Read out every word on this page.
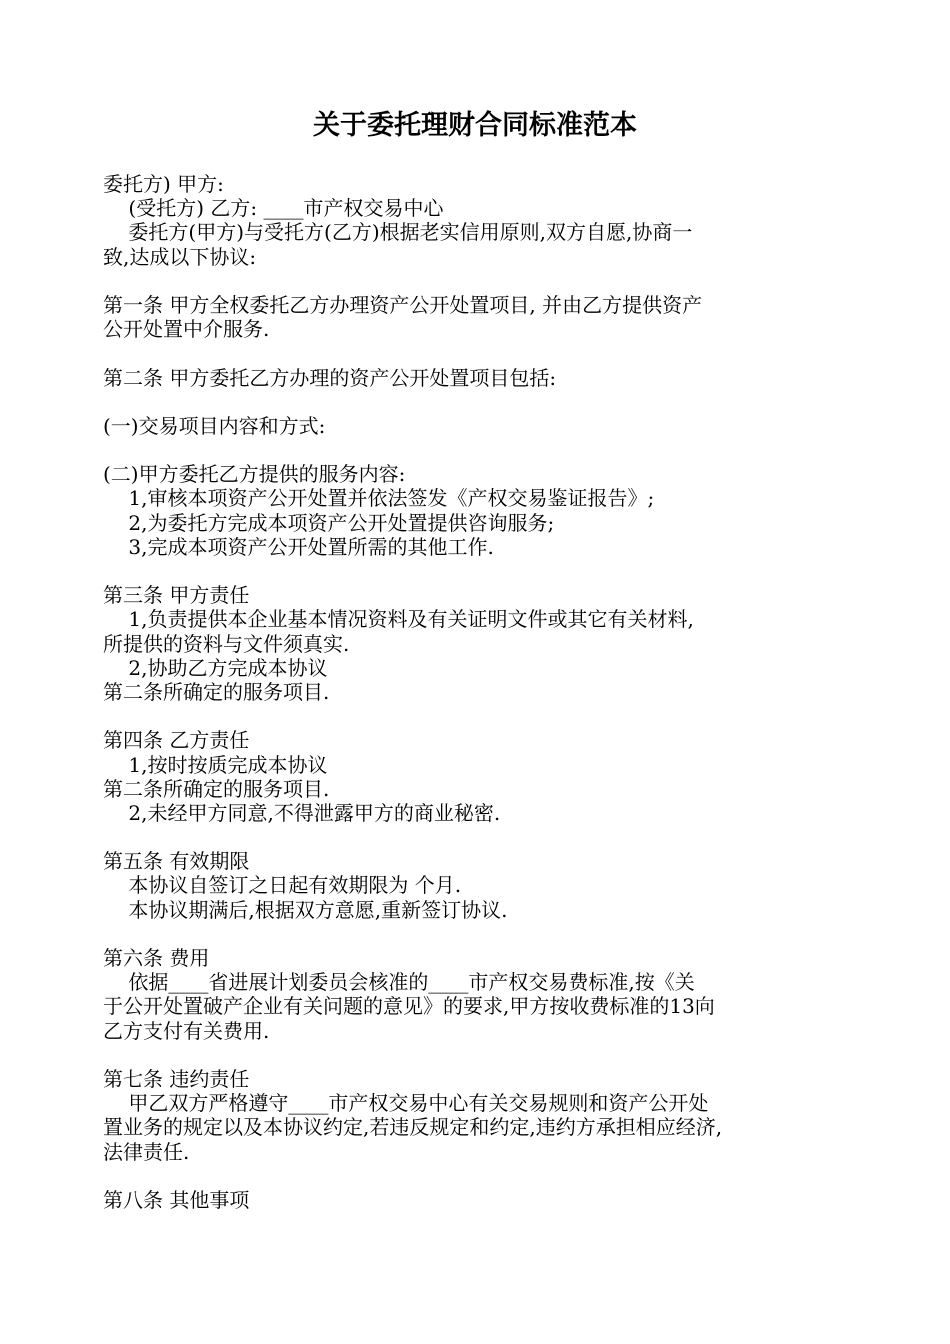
关于委托理财合同标准范本
委托方) 甲方:
(受托方) 乙方: ____市产权交易中心
委托方(甲方)与受托方(乙方)根据老实信用原则,双方自愿,协商一
致,达成以下协议:
第一条 甲方全权委托乙方办理资产公开处置项目, 并由乙方提供资产
公开处置中介服务.
第二条 甲方委托乙方办理的资产公开处置项目包括:
(一)交易项目内容和方式:
(二)甲方委托乙方提供的服务内容:
1,审核本项资产公开处置并依法签发《产权交易鉴证报告》;
2,为委托方完成本项资产公开处置提供咨询服务;
3,完成本项资产公开处置所需的其他工作.
第三条 甲方责任
1,负责提供本企业基本情况资料及有关证明文件或其它有关材料,
所提供的资料与文件须真实.
2,协助乙方完成本协议
第二条所确定的服务项目.
第四条 乙方责任
1,按时按质完成本协议
第二条所确定的服务项目.
2,未经甲方同意,不得泄露甲方的商业秘密.
第五条 有效期限
本协议自签订之日起有效期限为 个月.
本协议期满后,根据双方意愿,重新签订协议.
第六条 费用
依据____省进展计划委员会核准的____市产权交易费标准,按《关
于公开处置破产企业有关问题的意见》的要求,甲方按收费标准的13向
乙方支付有关费用.
第七条 违约责任
甲乙双方严格遵守____市产权交易中心有关交易规则和资产公开处
置业务的规定以及本协议约定,若违反规定和约定,违约方承担相应经济,
法律责任.
第八条 其他事项
